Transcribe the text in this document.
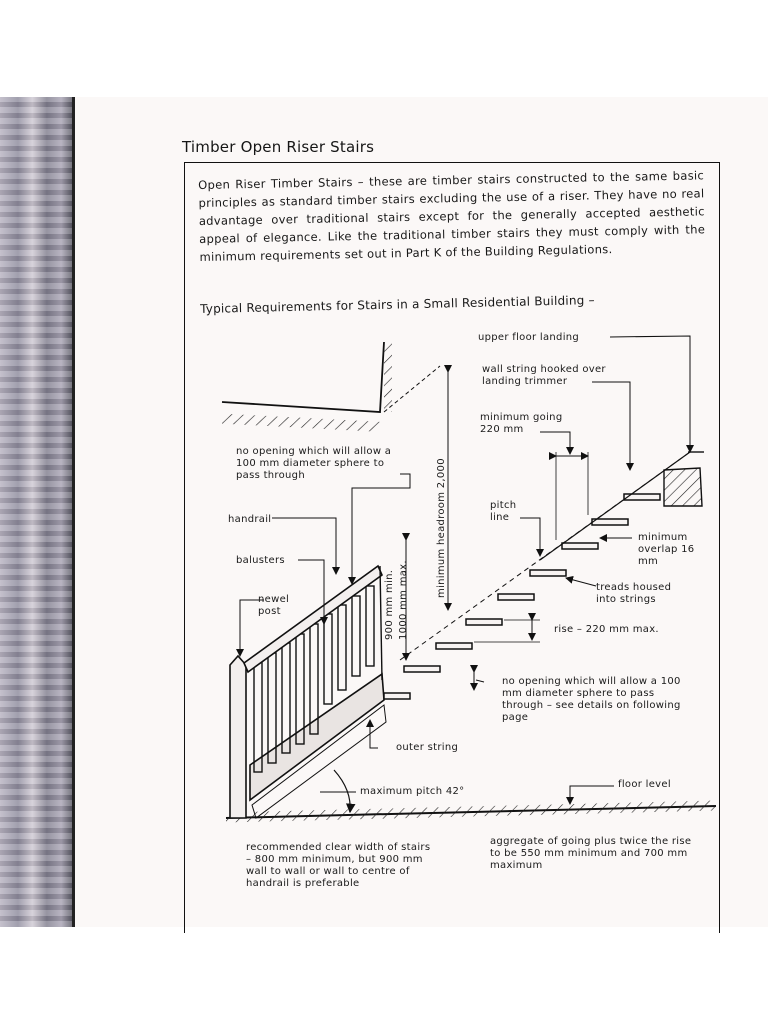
Timber Open Riser Stairs
Open Riser Timber Stairs – these are timber stairs constructed to the same basic principles as standard timber stairs excluding the use of a riser. They have no real advantage over traditional stairs except for the generally accepted aesthetic appeal of elegance. Like the traditional timber stairs they must comply with the minimum requirements set out in Part K of the Building Regulations.
Typical Requirements for Stairs in a Small Residential Building –
upper floor landing
wall string hooked over landing trimmer
minimum going 220 mm
pitch line
minimum overlap 16 mm
treads housed into strings
rise – 220 mm max.
no opening which will allow a 100 mm diameter sphere to pass through – see details on following page
outer string
floor level
maximum pitch 42°
no opening which will allow a 100 mm diameter sphere to pass through
handrail
balusters
newel post
minimum headroom 2,000
900 mm min. 1000 mm max.
recommended clear width of stairs – 800 mm minimum, but 900 mm wall to wall or wall to centre of handrail is preferable
aggregate of going plus twice the rise to be 550 mm minimum and 700 mm maximum
